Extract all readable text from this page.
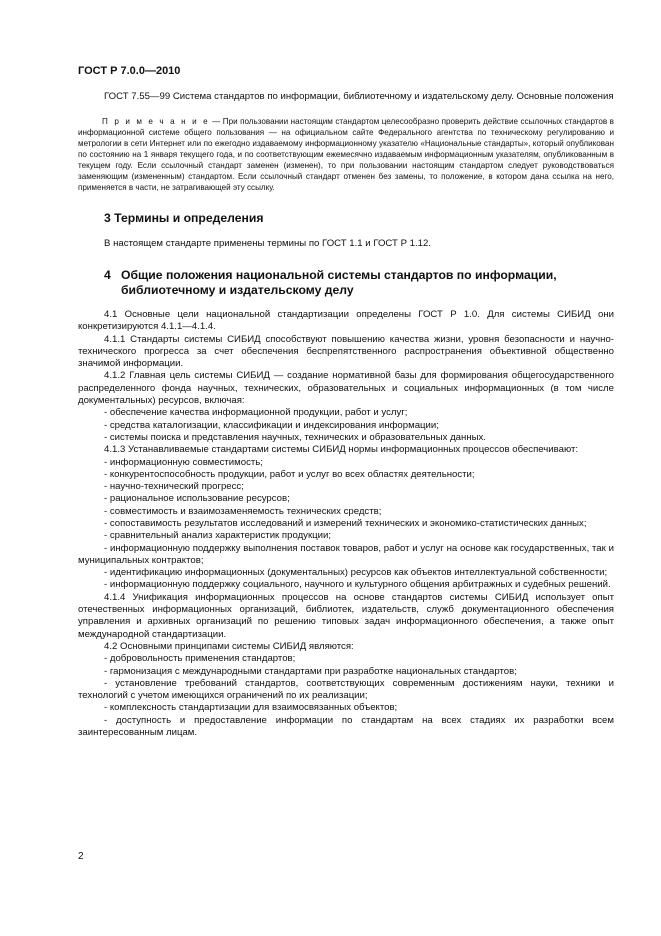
ГОСТ Р 7.0.0—2010

ГОСТ 7.55—99 Система стандартов по информации, библиотечному и издательскому делу. Основные положения

П р и м е ч а н и е — При пользовании настоящим стандартом целесообразно проверить действие ссылочных стандартов в информационной системе общего пользования — на официальном сайте Федерального агентства по техническому регулированию и метрологии в сети Интернет или по ежегодно издаваемому информационному указателю «Национальные стандарты», который опубликован по состоянию на 1 января текущего года, и по соответствующим ежемесячно издаваемым информационным указателям, опубликованным в текущем году. Если ссылочный стандарт заменен (изменен), то при пользовании настоящим стандартом следует руководствоваться заменяющим (измененным) стандартом. Если ссылочный стандарт отменен без замены, то положение, в котором дана ссылка на него, применяется в части, не затрагивающей эту ссылку.

3 Термины и определения

В настоящем стандарте применены термины по ГОСТ 1.1 и ГОСТ Р 1.12.

4 Общие положения национальной системы стандартов по информации,
библиотечному и издательскому делу

4.1 Основные цели национальной стандартизации определены ГОСТ Р 1.0. Для системы СИБИД они конкретизируются 4.1.1—4.1.4.

4.1.1 Стандарты системы СИБИД способствуют повышению качества жизни, уровня безопасности и научно-технического прогресса за счет обеспечения беспрепятственного распространения объективной общественно значимой информации.

4.1.2 Главная цель системы СИБИД — создание нормативной базы для формирования общегосударственного распределенного фонда научных, технических, образовательных и социальных информационных (в том числе документальных) ресурсов, включая:

- обеспечение качества информационной продукции, работ и услуг;

- средства каталогизации, классификации и индексирования информации;

- системы поиска и представления научных, технических и образовательных данных.

4.1.3 Устанавливаемые стандартами системы СИБИД нормы информационных процессов обеспечивают:

- информационную совместимость;

- конкурентоспособность продукции, работ и услуг во всех областях деятельности;

- научно-технический прогресс;

- рациональное использование ресурсов;

- совместимость и взаимозаменяемость технических средств;

- сопоставимость результатов исследований и измерений технических и экономико-статистических данных;

- сравнительный анализ характеристик продукции;

- информационную поддержку выполнения поставок товаров, работ и услуг на основе как государственных, так и муниципальных контрактов;

- идентификацию информационных (документальных) ресурсов как объектов интеллектуальной собственности;

- информационную поддержку социального, научного и культурного общения арбитражных и судебных решений.

4.1.4 Унификация информационных процессов на основе стандартов системы СИБИД использует опыт отечественных информационных организаций, библиотек, издательств, служб документационного обеспечения управления и архивных организаций по решению типовых задач информационного обеспечения, а также опыт международной стандартизации.

4.2 Основными принципами системы СИБИД являются:

- добровольность применения стандартов;

- гармонизация с международными стандартами при разработке национальных стандартов;

- установление требований стандартов, соответствующих современным достижениям науки, техники и технологий с учетом имеющихся ограничений по их реализации;

- комплексность стандартизации для взаимосвязанных объектов;

- доступность и предоставление информации по стандартам на всех стадиях их разработки всем заинтересованным лицам.

2
